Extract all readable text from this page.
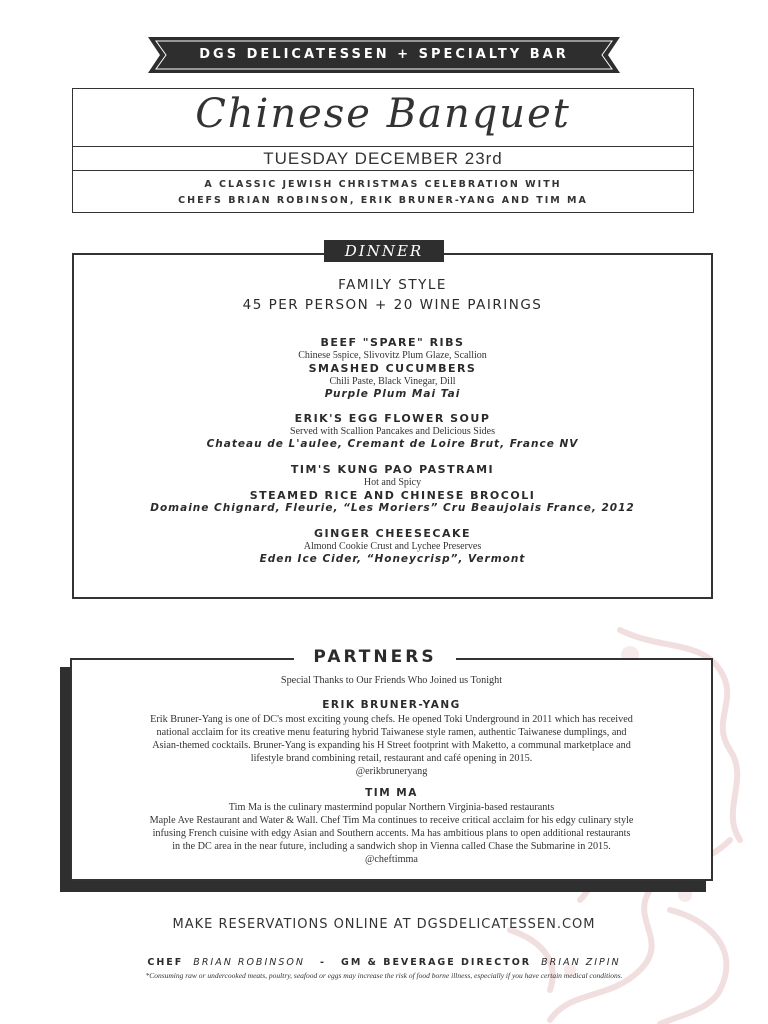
DGS DELICATESSEN + SPECIALTY BAR
Chinese Banquet
TUESDAY DECEMBER 23rd
A CLASSIC JEWISH CHRISTMAS CELEBRATION WITH
CHEFS BRIAN ROBINSON, ERIK BRUNER-YANG AND TIM MA
DINNER
FAMILY STYLE
45 PER PERSON + 20 WINE PAIRINGS
BEEF "SPARE" RIBS
Chinese 5spice, Slivovitz Plum Glaze, Scallion
SMASHED CUCUMBERS
Chili Paste, Black Vinegar, Dill
Purple Plum Mai Tai
ERIK'S EGG FLOWER SOUP
Served with Scallion Pancakes and Delicious Sides
Chateau de L'aulee, Cremant de Loire Brut, France NV
TIM'S KUNG PAO PASTRAMI
Hot and Spicy
STEAMED RICE AND CHINESE BROCOLI
Domaine Chignard, Fleurie, “Les Moriers” Cru Beaujolais France, 2012
GINGER CHEESECAKE
Almond Cookie Crust and Lychee Preserves
Eden Ice Cider, “Honeycrisp”, Vermont
PARTNERS
Special Thanks to Our Friends Who Joined us Tonight
ERIK BRUNER-YANG
Erik Bruner-Yang is one of DC's most exciting young chefs. He opened Toki Underground in 2011 which has received
national acclaim for its creative menu featuring hybrid Taiwanese style ramen, authentic Taiwanese dumplings, and
Asian-themed cocktails. Bruner-Yang is expanding his H Street footprint with Maketto, a communal marketplace and
lifestyle brand combining retail, restaurant and café opening in 2015.
@erikbruneryang
TIM MA
Tim Ma is the culinary mastermind popular Northern Virginia-based restaurants
Maple Ave Restaurant and Water & Wall. Chef Tim Ma continues to receive critical acclaim for his edgy culinary style
infusing French cuisine with edgy Asian and Southern accents. Ma has ambitious plans to open additional restaurants
in the DC area in the near future, including a sandwich shop in Vienna called Chase the Submarine in 2015.
@cheftimma
MAKE RESERVATIONS ONLINE AT DGSDELICATESSEN.COM
CHEF BRIAN ROBINSON - GM & BEVERAGE DIRECTOR BRIAN ZIPIN
*Consuming raw or undercooked meats, poultry, seafood or eggs may increase the risk of food borne illness, especially if you have certain medical conditions.
